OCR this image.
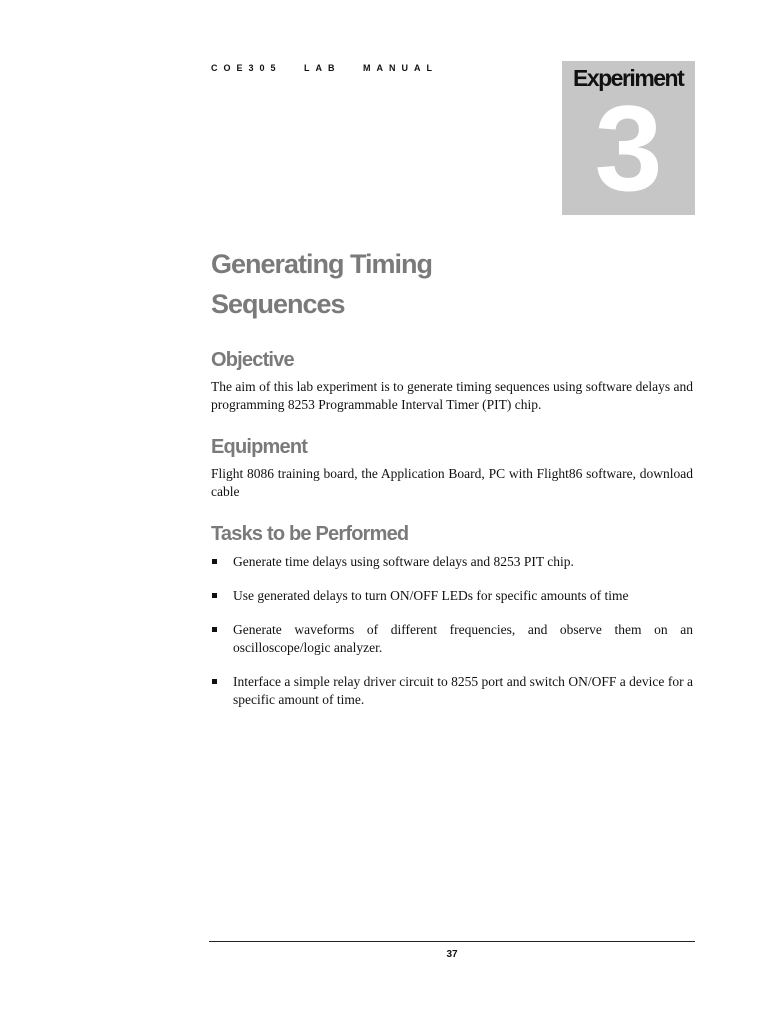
COE305 LAB MANUAL	Experiment
3
Generating Timing
Sequences
Objective

The aim of this lab experiment is to generate timing sequences using software delays and programming 8253 Programmable Interval Timer (PIT) chip.

Equipment

Flight 8086 training board, the Application Board, PC with Flight86 software, download cable

Tasks to be Performed
Generate time delays using software delays and 8253 PIT chip.
Use generated delays to turn ON/OFF LEDs for specific amounts of time
Generate waveforms of different frequencies, and observe them on an oscilloscope/logic analyzer.
Interface a simple relay driver circuit to 8255 port and switch ON/OFF a device for a specific amount of time.
37
